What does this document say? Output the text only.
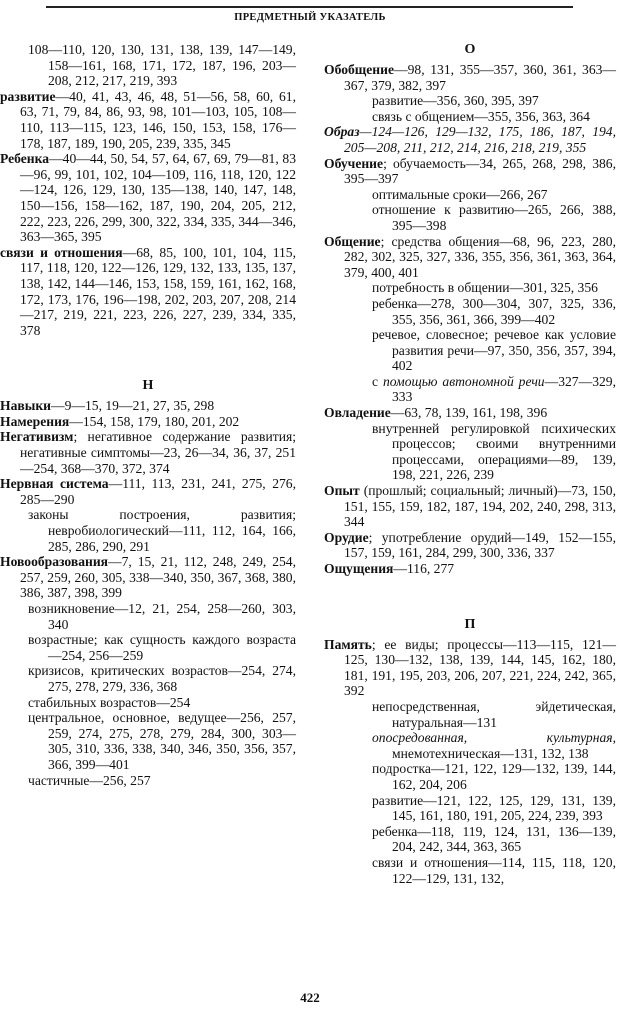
ПРЕДМЕТНЫЙ УКАЗАТЕЛЬ

108—110, 120, 130, 131, 138, 139, 147—149, 158—161, 168, 171, 172, 187, 196, 203—208, 212, 217, 219, 393

развитие—40, 41, 43, 46, 48, 51—56, 58, 60, 61, 63, 71, 79, 84, 86, 93, 98, 101—103, 105, 108—110, 113—115, 123, 146, 150, 153, 158, 176—178, 187, 189, 190, 205, 239, 335, 345

Ребенка—40—44, 50, 54, 57, 64, 67, 69, 79—81, 83—96, 99, 101, 102, 104—109, 116, 118, 120, 122—124, 126, 129, 130, 135—138, 140, 147, 148, 150—156, 158—162, 187, 190, 204, 205, 212, 222, 223, 226, 299, 300, 322, 334, 335, 344—346, 363—365, 395

связи и отношения—68, 85, 100, 101, 104, 115, 117, 118, 120, 122—126, 129, 132, 133, 135, 137, 138, 142, 144—146, 153, 158, 159, 161, 162, 168, 172, 173, 176, 196—198, 202, 203, 207, 208, 214—217, 219, 221, 223, 226, 227, 239, 334, 335, 378

Н

Навыки—9—15, 19—21, 27, 35, 298

Намерения—154, 158, 179, 180, 201, 202

Негативизм; негативное содержание развития; негативные симптомы—23, 26—34, 36, 37, 251—254, 368—370, 372, 374

Нервная система—111, 113, 231, 241, 275, 276, 285—290

законы построения, развития; невробиологический—111, 112, 164, 166, 285, 286, 290, 291

Новообразования—7, 15, 21, 112, 248, 249, 254, 257, 259, 260, 305, 338—340, 350, 367, 368, 380, 386, 387, 398, 399

возникновение—12, 21, 254, 258—260, 303, 340

возрастные; как сущность каждого возраста—254, 256—259

кризисов, критических возрастов—254, 274, 275, 278, 279, 336, 368

стабильных возрастов—254

центральное, основное, ведущее—256, 257, 259, 274, 275, 278, 279, 284, 300, 303—305, 310, 336, 338, 340, 346, 350, 356, 357, 366, 399—401

частичные—256, 257

О

Обобщение—98, 131, 355—357, 360, 361, 363—367, 379, 382, 397

развитие—356, 360, 395, 397

связь с общением—355, 356, 363, 364

Образ—124—126, 129—132, 175, 186, 187, 194, 205—208, 211, 212, 214, 216, 218, 219, 355

Обучение; обучаемость—34, 265, 268, 298, 386, 395—397

оптимальные сроки—266, 267

отношение к развитию—265, 266, 388, 395—398

Общение; средства общения—68, 96, 223, 280, 282, 302, 325, 327, 336, 355, 356, 361, 363, 364, 379, 400, 401

потребность в общении—301, 325, 356

ребенка—278, 300—304, 307, 325, 336, 355, 356, 361, 366, 399—402

речевое, словесное; речевое как условие развития речи—97, 350, 356, 357, 394, 402

с помощью автономной речи—327—329, 333

Овладение—63, 78, 139, 161, 198, 396

внутренней регулировкой психических процессов; своими внутренними процессами, операциями—89, 139, 198, 221, 226, 239

Опыт (прошлый; социальный; личный)—73, 150, 151, 155, 159, 182, 187, 194, 202, 240, 298, 313, 344

Орудие; употребление орудий—149, 152—155, 157, 159, 161, 284, 299, 300, 336, 337

Ощущения—116, 277

П

Память; ее виды; процессы—113—115, 121—125, 130—132, 138, 139, 144, 145, 162, 180, 181, 191, 195, 203, 206, 207, 221, 224, 242, 365, 392

непосредственная, эйдетическая, натуральная—131

опосредованная, культурная, мнемотехническая—131, 132, 138

подростка—121, 122, 129—132, 139, 144, 162, 204, 206

развитие—121, 122, 125, 129, 131, 139, 145, 161, 180, 191, 205, 224, 239, 393

ребенка—118, 119, 124, 131, 136—139, 204, 242, 344, 363, 365

связи и отношения—114, 115, 118, 120, 122—129, 131, 132,

422
